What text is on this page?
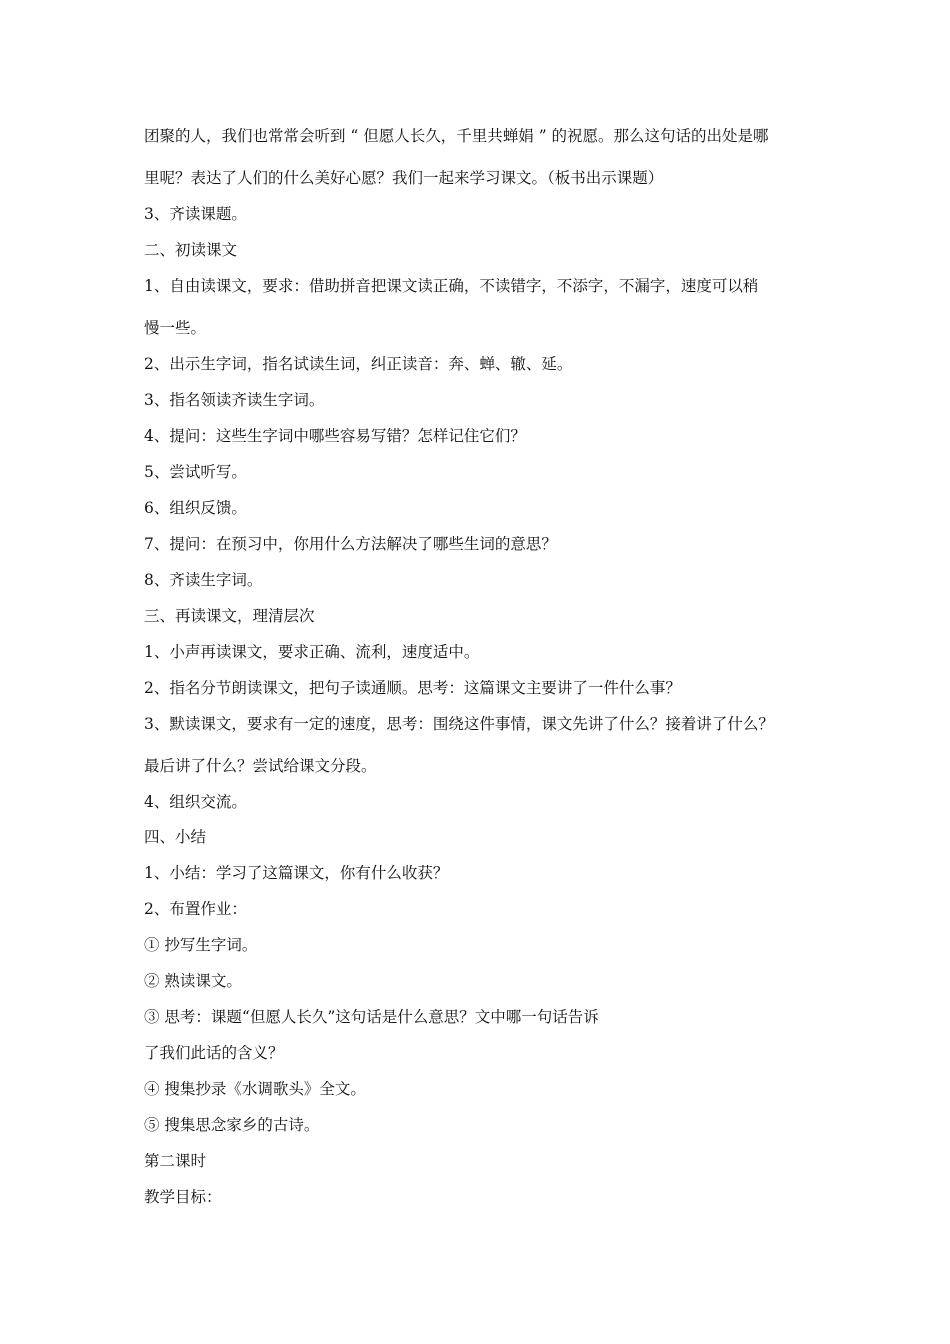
团聚的人，我们也常常会听到 “ 但愿人长久，千里共蝉娟 ” 的祝愿。那么这句话的出处是哪
里呢？表达了人们的什么美好心愿？我们一起来学习课文。（板书出示课题）
3、齐读课题。
二、初读课文
1、自由读课文，要求：借助拼音把课文读正确，不读错字，不添字，不漏字，速度可以稍
慢一些。
2、出示生字词，指名试读生词，纠正读音：奔、蝉、辙、延。
3、指名领读齐读生字词。
4、提问：这些生字词中哪些容易写错？怎样记住它们？
5、尝试听写。
6、组织反馈。
7、提问：在预习中，你用什么方法解决了哪些生词的意思？
8、齐读生字词。
三、再读课文，理清层次
1、小声再读课文，要求正确、流利，速度适中。
2、指名分节朗读课文，把句子读通顺。思考：这篇课文主要讲了一件什么事？
3、默读课文，要求有一定的速度，思考：围绕这件事情，课文先讲了什么？接着讲了什么？
最后讲了什么？尝试给课文分段。
4、组织交流。
四、小结
1、小结：学习了这篇课文，你有什么收获？
2、布置作业：
① 抄写生字词。
② 熟读课文。
③ 思考：课题“但愿人长久”这句话是什么意思？文中哪一句话告诉
了我们此话的含义？
④ 搜集抄录《水调歌头》全文。
⑤ 搜集思念家乡的古诗。
第二课时
教学目标：
